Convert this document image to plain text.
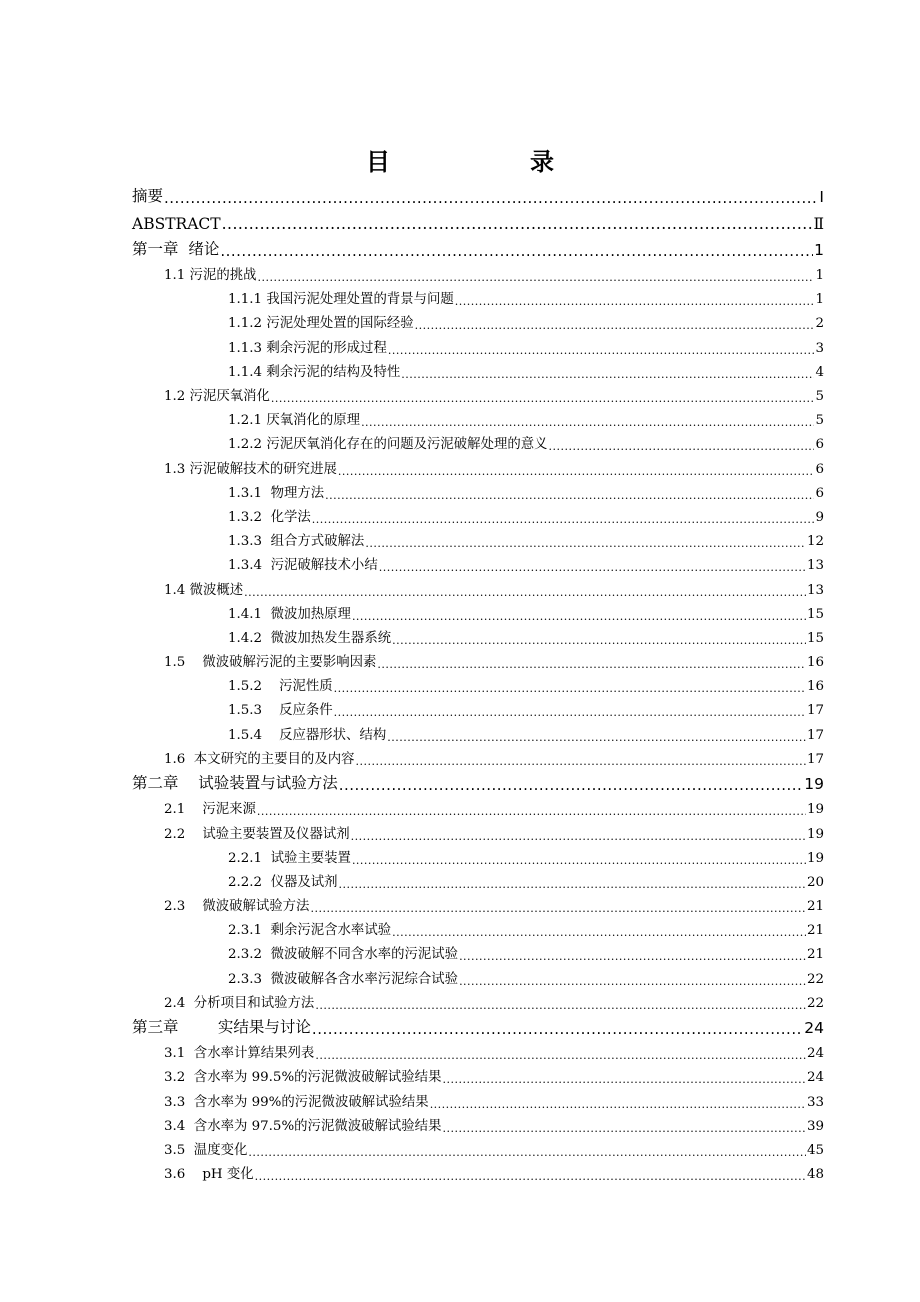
目　录
摘要 .....	Ⅰ
ABSTRACT .....	Ⅱ
第一章  绪论 .....	1
1.1 污泥的挑战 .....	1
1.1.1 我国污泥处理处置的背景与问题 .....	1
1.1.2 污泥处理处置的国际经验 .....	2
1.1.3 剩余污泥的形成过程 .....	3
1.1.4 剩余污泥的结构及特性 .....	4
1.2 污泥厌氧消化 .....	5
1.2.1 厌氧消化的原理 .....	5
1.2.2 污泥厌氧消化存在的问题及污泥破解处理的意义 .....	6
1.3 污泥破解技术的研究进展 .....	6
1.3.1  物理方法 .....	6
1.3.2  化学法 .....	9
1.3.3  组合方式破解法 .....	12
1.3.4  污泥破解技术小结 .....	13
1.4 微波概述 .....	13
1.4.1  微波加热原理 .....	15
1.4.2  微波加热发生器系统 .....	15
1.5    微波破解污泥的主要影响因素 .....	16
1.5.2    污泥性质 .....	16
1.5.3    反应条件 .....	17
1.5.4    反应器形状、结构 .....	17
1.6  本文研究的主要目的及内容 .....	17
第二章    试验装置与试验方法 .....	19
2.1    污泥来源 .....	19
2.2    试验主要装置及仪器试剂 .....	19
2.2.1  试验主要装置 .....	19
2.2.2  仪器及试剂 .....	20
2.3    微波破解试验方法 .....	21
2.3.1  剩余污泥含水率试验 .....	21
2.3.2  微波破解不同含水率的污泥试验 .....	21
2.3.3  微波破解各含水率污泥综合试验 .....	22
2.4  分析项目和试验方法 .....	22
第三章        实结果与讨论 .....	24
3.1  含水率计算结果列表 .....	24
3.2  含水率为 99.5%的污泥微波破解试验结果 .....	24
3.3  含水率为 99%的污泥微波破解试验结果 .....	33
3.4  含水率为 97.5%的污泥微波破解试验结果 .....	39
3.5  温度变化 .....	45
3.6    pH 变化 .....	48
